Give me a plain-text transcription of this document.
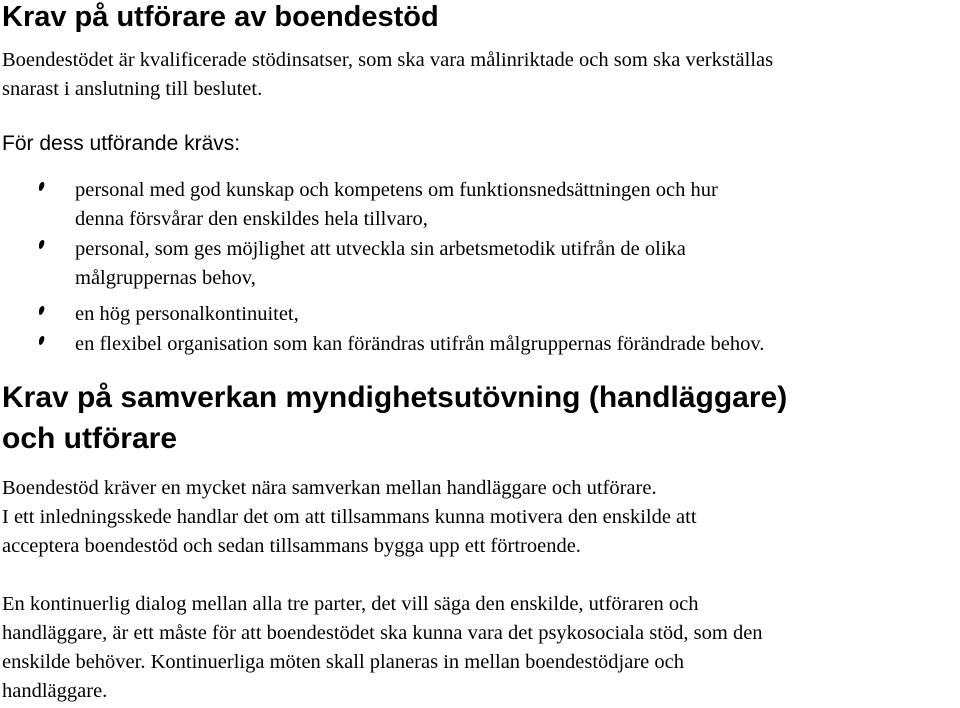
Krav på utförare av boendestöd

Boendestödet är kvalificerade stödinsatser, som ska vara målinriktade och som ska verkställas

snarast i anslutning till beslutet.

För dess utförande krävs:

personal med god kunskap och kompetens om funktionsnedsättningen och hur

denna försvårar den enskildes hela tillvaro,

personal, som ges möjlighet att utveckla sin arbetsmetodik utifrån de olika

målgruppernas behov,

en hög personalkontinuitet,

en flexibel organisation som kan förändras utifrån målgruppernas förändrade behov.

Krav på samverkan myndighetsutövning (handläggare)
och utförare

Boendestöd kräver en mycket nära samverkan mellan handläggare och utförare.

I ett inledningsskede handlar det om att tillsammans kunna motivera den enskilde att

acceptera boendestöd och sedan tillsammans bygga upp ett förtroende.

En kontinuerlig dialog mellan alla tre parter, det vill säga den enskilde, utföraren och

handläggare, är ett måste för att boendestödet ska kunna vara det psykosociala stöd, som den

enskilde behöver. Kontinuerliga möten skall planeras in mellan boendestödjare och

handläggare.
